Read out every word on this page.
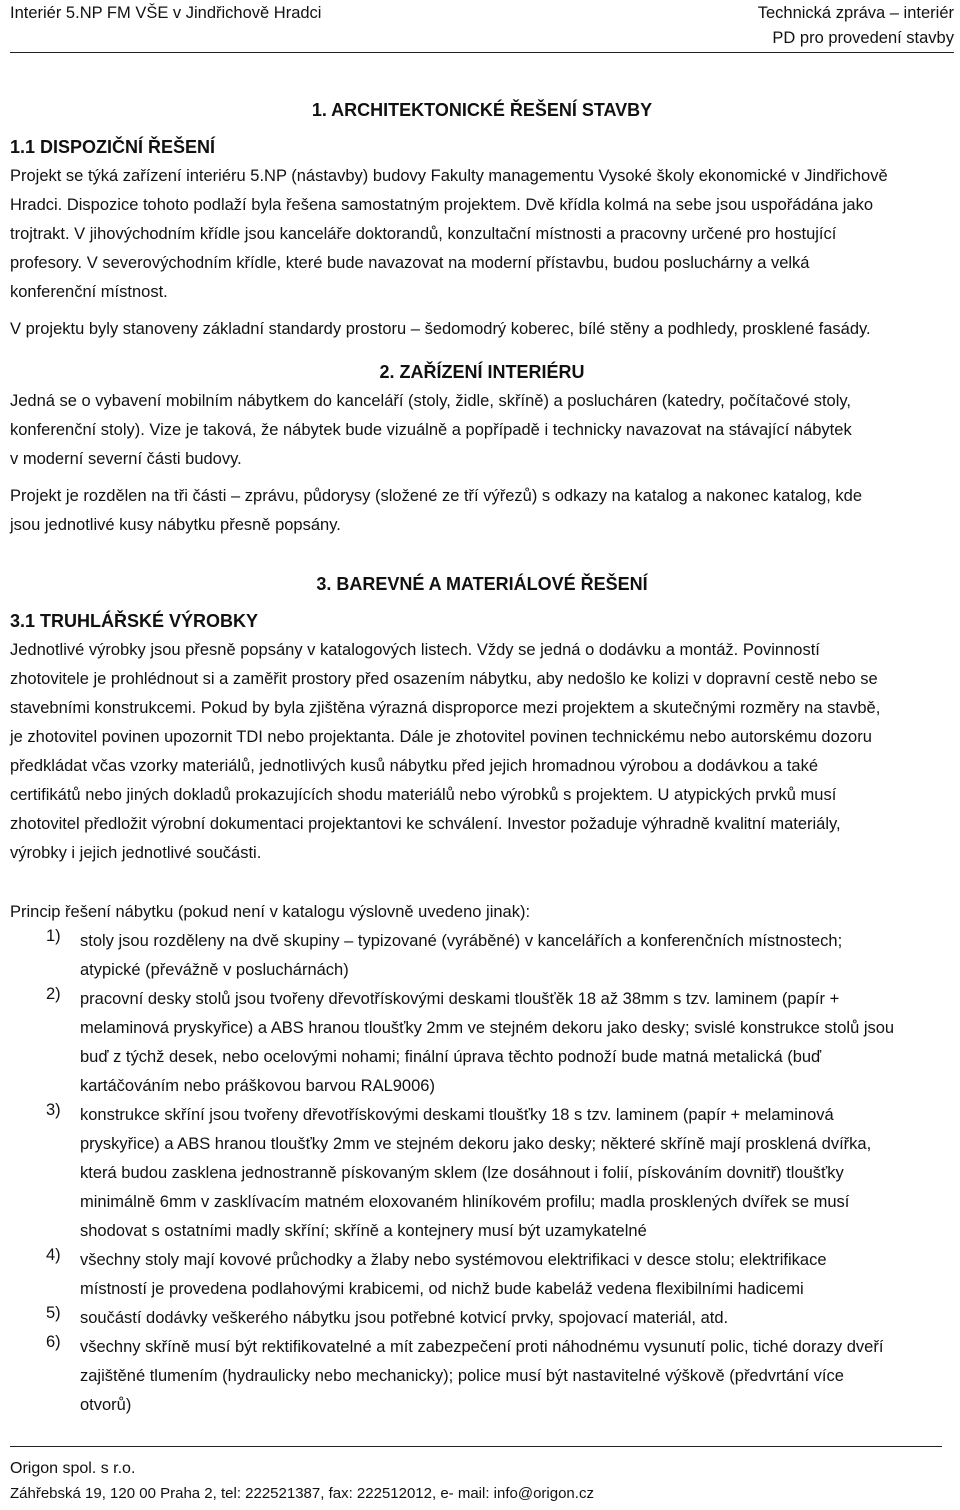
Interiér 5.NP FM VŠE v Jindřichově Hradci	Technická zpráva – interiér
PD pro provedení stavby
1. ARCHITEKTONICKÉ ŘEŠENÍ STAVBY
1.1 DISPOZIČNÍ ŘEŠENÍ
Projekt se týká zařízení interiéru 5.NP (nástavby) budovy Fakulty managementu Vysoké školy ekonomické v Jindřichově
Hradci. Dispozice tohoto podlaží byla řešena samostatným projektem. Dvě křídla kolmá na sebe jsou uspořádána jako
trojtrakt. V jihovýchodním křídle jsou kanceláře doktorandů, konzultační místnosti a pracovny určené pro hostující
profesory. V severovýchodním křídle, které bude navazovat na moderní přístavbu, budou posluchárny a velká
konferenční místnost.
V projektu byly stanoveny základní standardy prostoru – šedomodrý koberec, bílé stěny a podhledy, prosklené fasády.
2. ZAŘÍZENÍ INTERIÉRU
Jedná se o vybavení mobilním nábytkem do kanceláří (stoly, židle, skříně) a poslucháren (katedry, počítačové stoly,
konferenční stoly). Vize je taková, že nábytek bude vizuálně a popřípadě i technicky navazovat na stávající nábytek
v moderní severní části budovy.
Projekt je rozdělen na tři části – zprávu, půdorysy (složené ze tří výřezů) s odkazy na katalog a nakonec katalog, kde
jsou jednotlivé kusy nábytku přesně popsány.
3. BAREVNÉ A MATERIÁLOVÉ ŘEŠENÍ
3.1 TRUHLÁŘSKÉ VÝROBKY
Jednotlivé výrobky jsou přesně popsány v katalogových listech. Vždy se jedná o dodávku a montáž. Povinností
zhotovitele je prohlédnout si a zaměřit prostory před osazením nábytku, aby nedošlo ke kolizi v dopravní cestě nebo se
stavebními konstrukcemi. Pokud by byla zjištěna výrazná disproporce mezi projektem a skutečnými rozměry na stavbě,
je zhotovitel povinen upozornit TDI nebo projektanta. Dále je zhotovitel povinen technickému nebo autorskému dozoru
předkládat včas vzorky materiálů, jednotlivých kusů nábytku před jejich hromadnou výrobou a dodávkou a také
certifikátů nebo jiných dokladů prokazujících shodu materiálů nebo výrobků s projektem. U atypických prvků musí
zhotovitel předložit výrobní dokumentaci projektantovi ke schválení. Investor požaduje výhradně kvalitní materiály,
výrobky i jejich jednotlivé součásti.
Princip řešení nábytku (pokud není v katalogu výslovně uvedeno jinak):
1) stoly jsou rozděleny na dvě skupiny – typizované (vyráběné) v kancelářích a konferenčních místnostech;
atypické (převážně v posluchárnách)
2) pracovní desky stolů jsou tvořeny dřevotřískovými deskami tloušťěk 18 až 38mm s tzv. laminem (papír +
melaminová pryskyřice) a ABS hranou tloušťky 2mm ve stejném dekoru jako desky; svislé konstrukce stolů jsou
buď z týchž desek, nebo ocelovými nohami; finální úprava těchto podnoží bude matná metalická (buď
kartáčováním nebo práškovou barvou RAL9006)
3) konstrukce skříní jsou tvořeny dřevotřískovými deskami tloušťky 18 s tzv. laminem (papír + melaminová
pryskyřice) a ABS hranou tloušťky 2mm ve stejném dekoru jako desky; některé skříně mají prosklená dvířka,
která budou zasklena jednostranně pískovaným sklem (lze dosáhnout i folií, pískováním dovnitř) tloušťky
minimálně 6mm v zasklívacím matném eloxovaném hliníkovém profilu; madla prosklených dvířek se musí
shodovat s ostatními madly skříní; skříně a kontejnery musí být uzamykatelné
4) všechny stoly mají kovové průchodky a žlaby nebo systémovou elektrifikaci v desce stolu; elektrifikace
místností je provedena podlahovými krabicemi, od nichž bude kabeláž vedena flexibilními hadicemi
5) součástí dodávky veškerého nábytku jsou potřebné kotvicí prvky, spojovací materiál, atd.
6) všechny skříně musí být rektifikovatelné a mít zabezpečení proti náhodnému vysunutí polic, tiché dorazy dveří
zajištěné tlumením (hydraulicky nebo mechanicky); police musí být nastavitelné výškově (předvrtání více
otvorů)
Origon spol. s r.o.
Záhřebská 19, 120 00 Praha 2, tel: 222521387, fax: 222512012, e- mail: info@origon.cz
